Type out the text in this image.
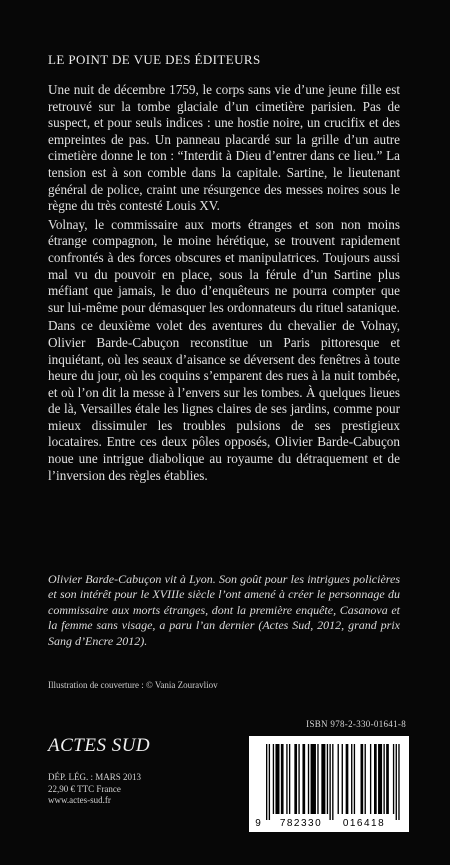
LE POINT DE VUE DES ÉDITEURS

Une nuit de décembre 1759, le corps sans vie d’une jeune fille est retrouvé sur la tombe glaciale d’un cimetière parisien. Pas de suspect, et pour seuls indices : une hostie noire, un crucifix et des empreintes de pas. Un panneau placardé sur la grille d’un autre cimetière donne le ton : “Interdit à Dieu d’entrer dans ce lieu.” La tension est à son comble dans la capitale. Sartine, le lieutenant général de police, craint une résurgence des messes noires sous le règne du très contesté Louis XV.

Volnay, le commissaire aux morts étranges et son non moins étrange compagnon, le moine hérétique, se trouvent rapidement confrontés à des forces obscures et manipulatrices. Toujours aussi mal vu du pouvoir en place, sous la férule d’un Sartine plus méfiant que jamais, le duo d’enquêteurs ne pourra compter que sur lui-même pour démasquer les ordonnateurs du rituel satanique.

Dans ce deuxième volet des aventures du chevalier de Volnay, Olivier Barde-Cabuçon reconstitue un Paris pittoresque et inquiétant, où les seaux d’aisance se déversent des fenêtres à toute heure du jour, où les coquins s’emparent des rues à la nuit tombée, et où l’on dit la messe à l’envers sur les tombes. À quelques lieues de là, Versailles étale les lignes claires de ses jardins, comme pour mieux dissimuler les troubles pulsions de ses prestigieux locataires. Entre ces deux pôles opposés, Olivier Barde-Cabuçon noue une intrigue diabolique au royaume du détraquement et de l’inversion des règles établies.

Olivier Barde-Cabuçon vit à Lyon. Son goût pour les intrigues policières et son intérêt pour le XVIIIe siècle l’ont amené à créer le personnage du commissaire aux morts étranges, dont la première enquête, Casanova et la femme sans visage, a paru l’an dernier (Actes Sud, 2012, grand prix Sang d’Encre 2012).
Illustration de couverture : © Vania Zouravliov
ISBN 978-2-330-01641-8
ACTES SUD
DÉP. LÉG. : MARS 2013
22,90 € TTC France
www.actes-sud.fr
9 782330 016418
